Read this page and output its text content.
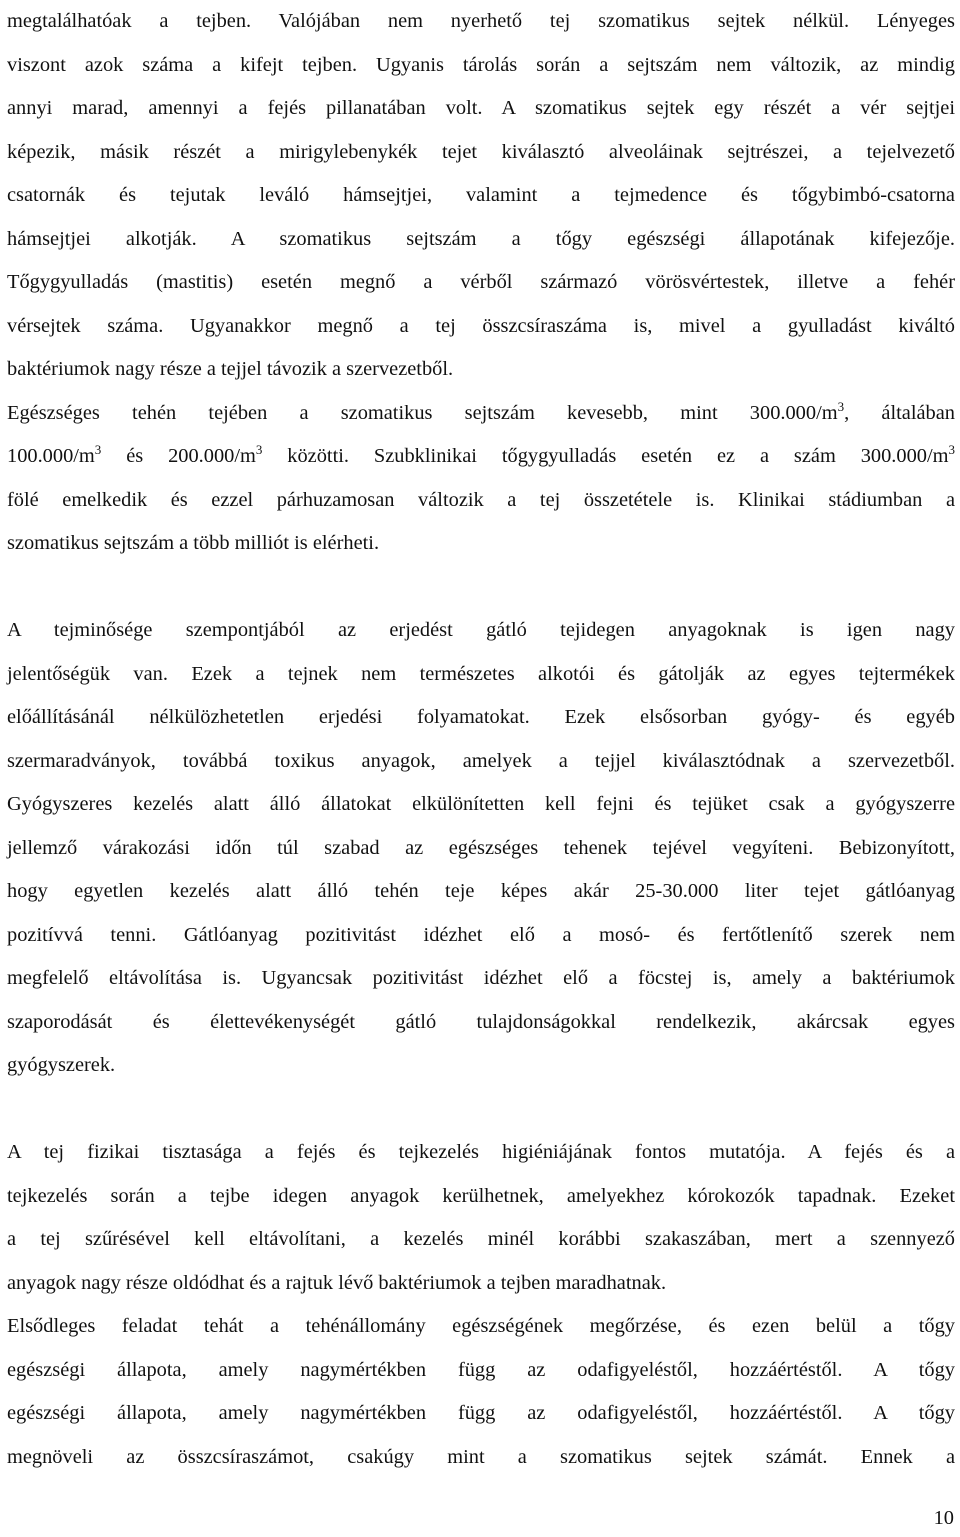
megtalálhatóak a tejben. Valójában nem nyerhető tej szomatikus sejtek nélkül. Lényeges
viszont azok száma a kifejt tejben. Ugyanis tárolás során a sejtszám nem változik, az mindig
annyi marad, amennyi a fejés pillanatában volt. A szomatikus sejtek egy részét a vér sejtjei
képezik, másik részét a mirigylebenykék tejet kiválasztó alveoláinak sejtrészei, a tejelvezető
csatornák és tejutak leváló hámsejtjei, valamint a tejmedence és tőgybimbó-csatorna
hámsejtjei alkotják. A szomatikus sejtszám a tőgy egészségi állapotának kifejezője.
Tőgygyulladás (mastitis) esetén megnő a vérből származó vörösvértestek, illetve a fehér
vérsejtek száma. Ugyanakkor megnő a tej összcsíraszáma is, mivel a gyulladást kiváltó
baktériumok nagy része a tejjel távozik a szervezetből.
Egészséges tehén tejében a szomatikus sejtszám kevesebb, mint $300.000/m^3$, általában
$100.000/m^3$ és $200.000/m^3$ közötti. Szubklinikai tőgygyulladás esetén ez a szám $300.000/m^3$
fölé emelkedik és ezzel párhuzamosan változik a tej összetétele is. Klinikai stádiumban a
szomatikus sejtszám a több milliót is elérheti.
A tejminősége szempontjából az erjedést gátló tejidegen anyagoknak is igen nagy
jelentőségük van. Ezek a tejnek nem természetes alkotói és gátolják az egyes tejtermékek
előállításánál nélkülözhetetlen erjedési folyamatokat. Ezek elsősorban gyógy- és egyéb
szermaradványok, továbbá toxikus anyagok, amelyek a tejjel kiválasztódnak a szervezetből.
Gyógyszeres kezelés alatt álló állatokat elkülönítetten kell fejni és tejüket csak a gyógyszerre
jellemző várakozási időn túl szabad az egészséges tehenek tejével vegyíteni. Bebizonyított,
hogy egyetlen kezelés alatt álló tehén teje képes akár 25-30.000 liter tejet gátlóanyag
pozitívvá tenni. Gátlóanyag pozitivitást idézhet elő a mosó- és fertőtlenítő szerek nem
megfelelő eltávolítása is. Ugyancsak pozitivitást idézhet elő a föcstej is, amely a baktériumok
szaporodását és élettevékenységét gátló tulajdonságokkal rendelkezik, akárcsak egyes
gyógyszerek.
A tej fizikai tisztasága a fejés és tejkezelés higiéniájának fontos mutatója. A fejés és a
tejkezelés során a tejbe idegen anyagok kerülhetnek, amelyekhez kórokozók tapadnak. Ezeket
a tej szűrésével kell eltávolítani, a kezelés minél korábbi szakaszában, mert a szennyező
anyagok nagy része oldódhat és a rajtuk lévő baktériumok a tejben maradhatnak.
Elsődleges feladat tehát a tehénállomány egészségének megőrzése, és ezen belül a tőgy
egészségi állapota, amely nagymértékben függ az odafigyeléstől, hozzáértéstől. A tőgy
egészségi állapota, amely nagymértékben függ az odafigyeléstől, hozzáértéstől. A tőgy
megnöveli az összcsíraszámot, csakúgy mint a szomatikus sejtek számát. Ennek a
10
